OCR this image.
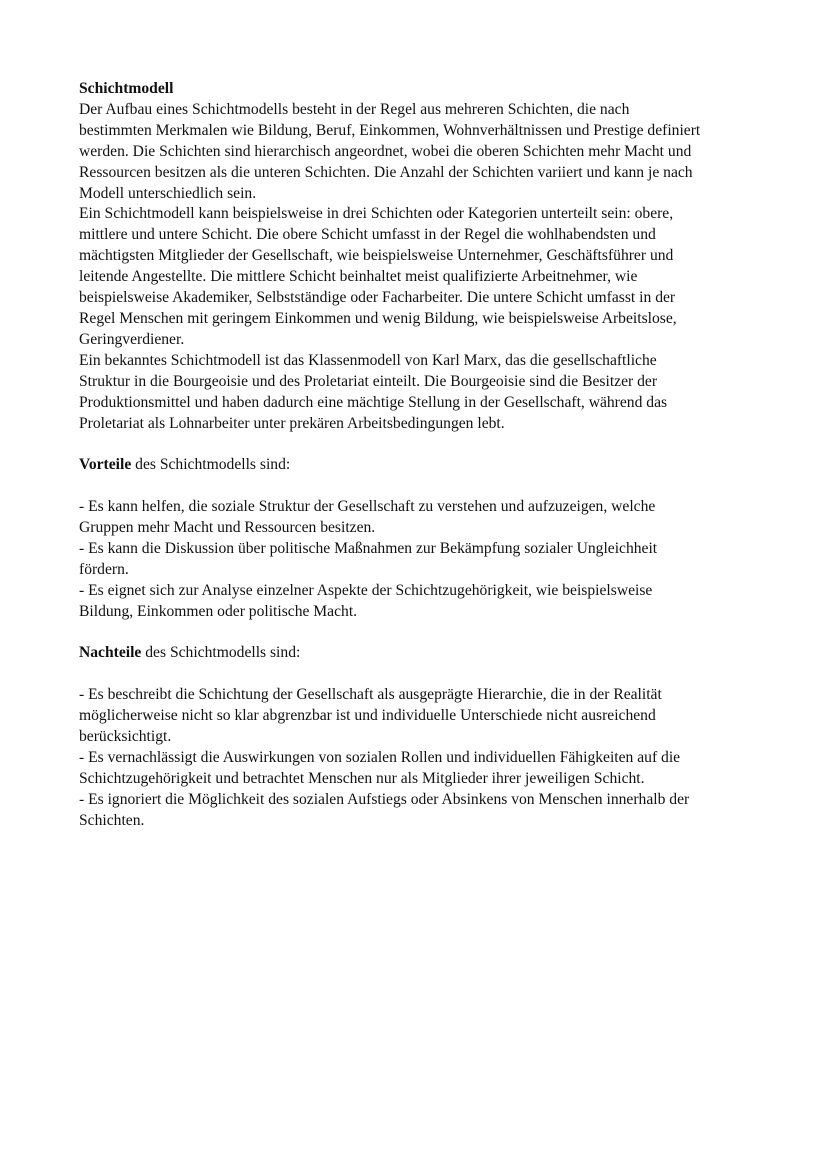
Schichtmodell
Der Aufbau eines Schichtmodells besteht in der Regel aus mehreren Schichten, die nach
bestimmten Merkmalen wie Bildung, Beruf, Einkommen, Wohnverhältnissen und Prestige definiert
werden. Die Schichten sind hierarchisch angeordnet, wobei die oberen Schichten mehr Macht und
Ressourcen besitzen als die unteren Schichten. Die Anzahl der Schichten variiert und kann je nach
Modell unterschiedlich sein.
Ein Schichtmodell kann beispielsweise in drei Schichten oder Kategorien unterteilt sein: obere,
mittlere und untere Schicht. Die obere Schicht umfasst in der Regel die wohlhabendsten und
mächtigsten Mitglieder der Gesellschaft, wie beispielsweise Unternehmer, Geschäftsführer und
leitende Angestellte. Die mittlere Schicht beinhaltet meist qualifizierte Arbeitnehmer, wie
beispielsweise Akademiker, Selbstständige oder Facharbeiter. Die untere Schicht umfasst in der
Regel Menschen mit geringem Einkommen und wenig Bildung, wie beispielsweise Arbeitslose,
Geringverdiener.
Ein bekanntes Schichtmodell ist das Klassenmodell von Karl Marx, das die gesellschaftliche
Struktur in die Bourgeoisie und des Proletariat einteilt. Die Bourgeoisie sind die Besitzer der
Produktionsmittel und haben dadurch eine mächtige Stellung in der Gesellschaft, während das
Proletariat als Lohnarbeiter unter prekären Arbeitsbedingungen lebt.
Vorteile des Schichtmodells sind:
- Es kann helfen, die soziale Struktur der Gesellschaft zu verstehen und aufzuzeigen, welche
Gruppen mehr Macht und Ressourcen besitzen.
- Es kann die Diskussion über politische Maßnahmen zur Bekämpfung sozialer Ungleichheit
fördern.
- Es eignet sich zur Analyse einzelner Aspekte der Schichtzugehörigkeit, wie beispielsweise
Bildung, Einkommen oder politische Macht.
Nachteile des Schichtmodells sind:
- Es beschreibt die Schichtung der Gesellschaft als ausgeprägte Hierarchie, die in der Realität
möglicherweise nicht so klar abgrenzbar ist und individuelle Unterschiede nicht ausreichend
berücksichtigt.
- Es vernachlässigt die Auswirkungen von sozialen Rollen und individuellen Fähigkeiten auf die
Schichtzugehörigkeit und betrachtet Menschen nur als Mitglieder ihrer jeweiligen Schicht.
- Es ignoriert die Möglichkeit des sozialen Aufstiegs oder Absinkens von Menschen innerhalb der
Schichten.
